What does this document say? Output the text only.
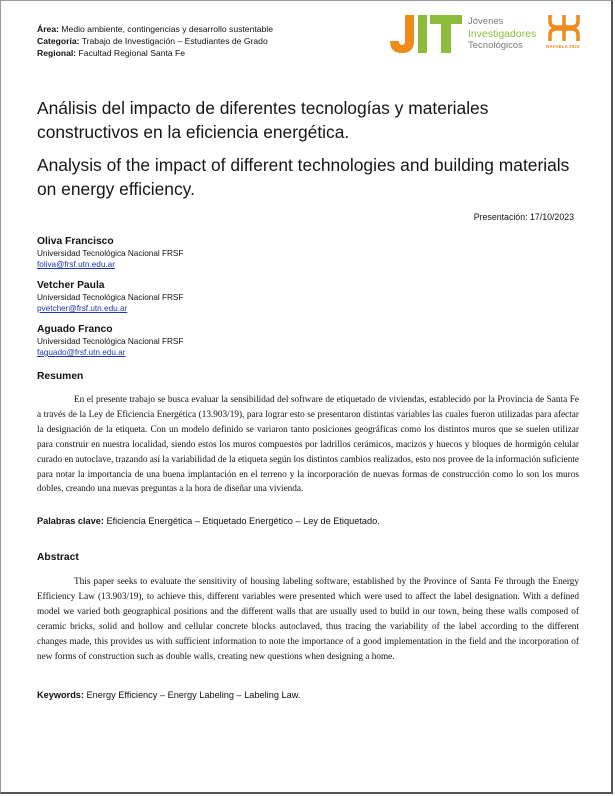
Área: Medio ambiente, contingencias y desarrollo sustentable
Categoría: Trabajo de Investigación – Estudiantes de Grado
Regional: Facultad Regional Santa Fe
Jóvenes
Investigadores
Tecnológicos	RAFAELA 2023
Análisis del impacto de diferentes tecnologías y materiales constructivos en la eficiencia energética.
Analysis of the impact of different technologies and building materials on energy efficiency.
Presentación: 17/10/2023
Oliva Francisco
Universidad Tecnológica Nacional FRSF
foliva@frsf.utn.edu.ar
Vetcher Paula
Universidad Tecnológica Nacional FRSF
pvetcher@frsf.utn.edu.ar
Aguado Franco
Universidad Tecnológica Nacional FRSF
faguado@frsf.utn.edu.ar
Resumen

En el presente trabajo se busca evaluar la sensibilidad del software de etiquetado de viviendas, establecido por la Provincia de Santa Fe a través de la Ley de Eficiencia Energética (13.903/19), para lograr esto se presentaron distintas variables las cuales fueron utilizadas para afectar la designación de la etiqueta. Con un modelo definido se variaron tanto posiciones geográficas como los distintos muros que se suelen utilizar para construir en nuestra localidad, siendo estos los muros compuestos por ladrillos cerámicos, macizos y huecos y bloques de hormigón celular curado en autoclave, trazando así la variabilidad de la etiqueta según los distintos cambios realizados, esto nos provee de la información suficiente para notar la importancia de una buena implantación en el terreno y la incorporación de nuevas formas de construcción como lo son los muros dobles, creando una nuevas preguntas a la hora de diseñar una vivienda.

Palabras clave: Eficiencia Energética – Etiquetado Energético – Ley de Etiquetado.

Abstract

This paper seeks to evaluate the sensitivity of housing labeling software, established by the Province of Santa Fe through the Energy Efficiency Law (13.903/19), to achieve this, different variables were presented which were used to affect the label designation. With a defined model we varied both geographical positions and the different walls that are usually used to build in our town, being these walls composed of ceramic bricks, solid and hollow and cellular concrete blocks autoclaved, thus tracing the variability of the label according to the different changes made, this provides us with sufficient information to note the importance of a good implementation in the field and the incorporation of new forms of construction such as double walls, creating new questions when designing a home.

Keywords: Energy Efficiency – Energy Labeling – Labeling Law.
